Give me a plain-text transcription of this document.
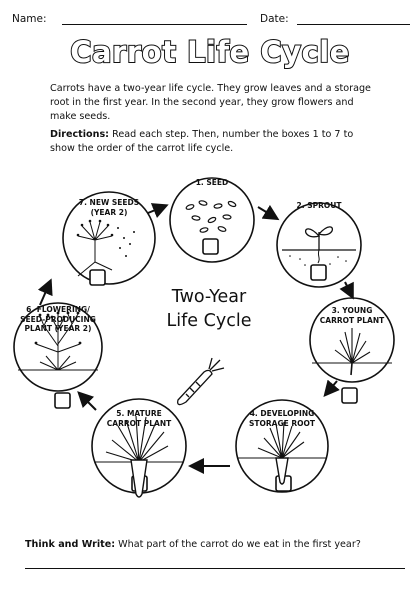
Name:	Date:
Carrot Life Cycle
Carrots have a two-year life cycle. They grow leaves and a storage root in the first year. In the second year, they grow flowers and make seeds.
Directions: Read each step. Then, number the boxes 1 to 7 to show the order of the carrot life cycle.
1. SEED
2. SPROUT
3. YOUNG CARROT PLANT
4. DEVELOPING STORAGE ROOT
5. MATURE CARROT PLANT
6. FLOWERING/ SEED-PRODUCING PLANT (YEAR 2)
7. NEW SEEDS (YEAR 2)
Two-Year
Life Cycle
Think and Write: What part of the carrot do we eat in the first year?
